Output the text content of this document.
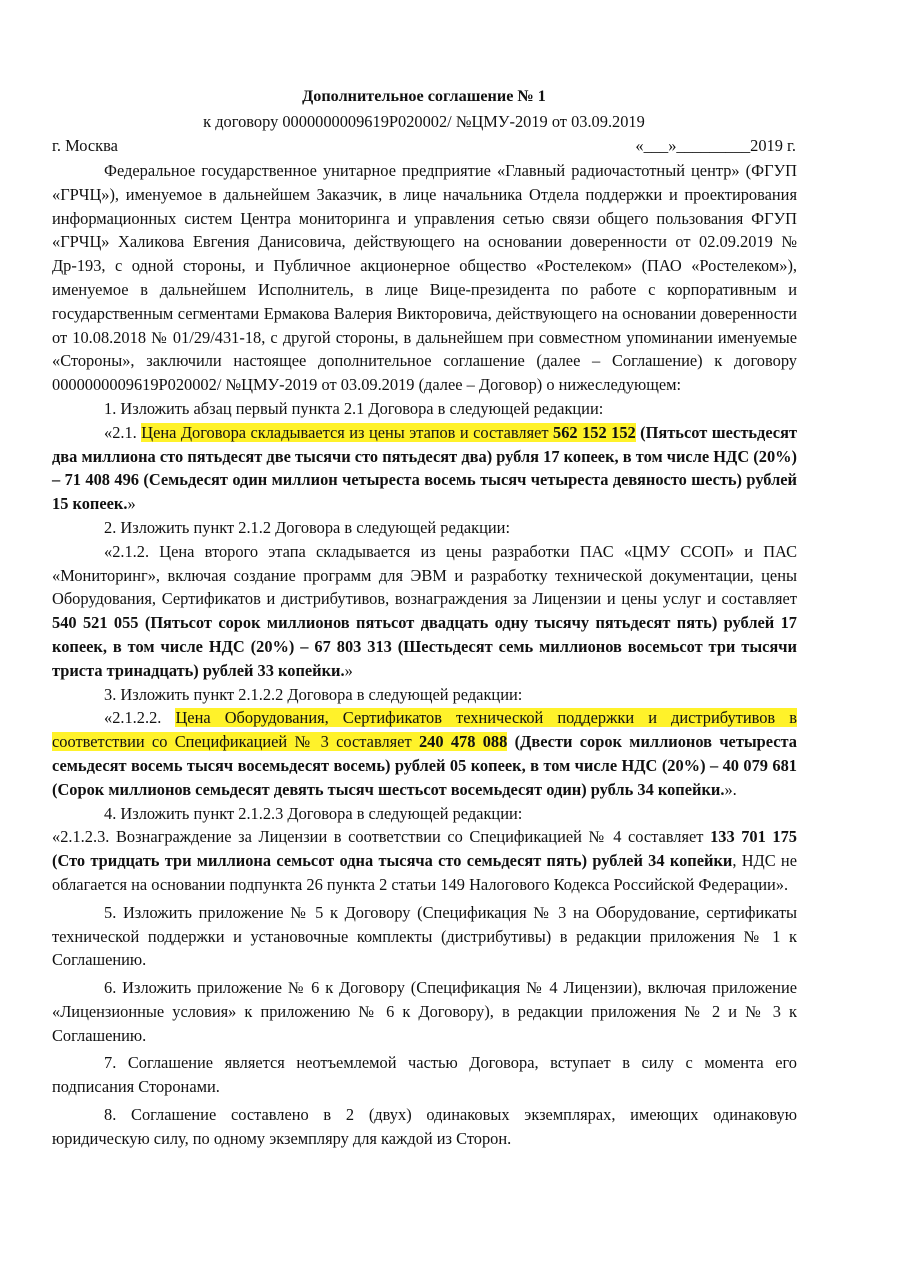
Дополнительное соглашение № 1
к договору 0000000009619Р020002/ №ЦМУ-2019 от 03.09.2019
г. Москва	«___»_________2019 г.

Федеральное государственное унитарное предприятие «Главный радиочастотный центр» (ФГУП «ГРЧЦ»), именуемое в дальнейшем Заказчик, в лице начальника Отдела поддержки и проектирования информационных систем Центра мониторинга и управления сетью связи общего пользования ФГУП «ГРЧЦ» Халикова Евгения Данисовича, действующего на основании доверенности от 02.09.2019 № Др-193, с одной стороны, и Публичное акционерное общество «Ростелеком» (ПАО «Ростелеком»), именуемое в дальнейшем Исполнитель, в лице Вице-президента по работе с корпоративным и государственным сегментами Ермакова Валерия Викторовича, действующего на основании доверенности от 10.08.2018 № 01/29/431-18, с другой стороны, в дальнейшем при совместном упоминании именуемые «Стороны», заключили настоящее дополнительное соглашение (далее – Соглашение) к договору 0000000009619Р020002/ №ЦМУ-2019 от 03.09.2019 (далее – Договор) о нижеследующем:

1. Изложить абзац первый пункта 2.1 Договора в следующей редакции:

«2.1. Цена Договора складывается из цены этапов и составляет 562 152 152 (Пятьсот шестьдесят два миллиона сто пятьдесят две тысячи сто пятьдесят два) рубля 17 копеек, в том числе НДС (20%) – 71 408 496 (Семьдесят один миллион четыреста восемь тысяч четыреста девяносто шесть) рублей 15 копеек.»

2. Изложить пункт 2.1.2 Договора в следующей редакции:

«2.1.2. Цена второго этапа складывается из цены разработки ПАС «ЦМУ ССОП» и ПАС «Мониторинг», включая создание программ для ЭВМ и разработку технической документации, цены Оборудования, Сертификатов и дистрибутивов, вознаграждения за Лицензии и цены услуг и составляет 540 521 055 (Пятьсот сорок миллионов пятьсот двадцать одну тысячу пятьдесят пять) рублей 17 копеек, в том числе НДС (20%) – 67 803 313 (Шестьдесят семь миллионов восемьсот три тысячи триста тринадцать) рублей 33 копейки.»

3. Изложить пункт 2.1.2.2 Договора в следующей редакции:

«2.1.2.2. Цена Оборудования, Сертификатов технической поддержки и дистрибутивов в соответствии со Спецификацией № 3 составляет 240 478 088 (Двести сорок миллионов четыреста семьдесят восемь тысяч восемьдесят восемь) рублей 05 копеек, в том числе НДС (20%) – 40 079 681 (Сорок миллионов семьдесят девять тысяч шестьсот восемьдесят один) рубль 34 копейки.».

4. Изложить пункт 2.1.2.3 Договора в следующей редакции:

«2.1.2.3. Вознаграждение за Лицензии в соответствии со Спецификацией № 4 составляет 133 701 175 (Сто тридцать три миллиона семьсот одна тысяча сто семьдесят пять) рублей 34 копейки, НДС не облагается на основании подпункта 26 пункта 2 статьи 149 Налогового Кодекса Российской Федерации».

5. Изложить приложение № 5 к Договору (Спецификация № 3 на Оборудование, сертификаты технической поддержки и установочные комплекты (дистрибутивы) в редакции приложения № 1 к Соглашению.

6. Изложить приложение № 6 к Договору (Спецификация № 4 Лицензии), включая приложение «Лицензионные условия» к приложению № 6 к Договору), в редакции приложения № 2 и № 3 к Соглашению.

7. Соглашение является неотъемлемой частью Договора, вступает в силу с момента его подписания Сторонами.

8. Соглашение составлено в 2 (двух) одинаковых экземплярах, имеющих одинаковую юридическую силу, по одному экземпляру для каждой из Сторон.
